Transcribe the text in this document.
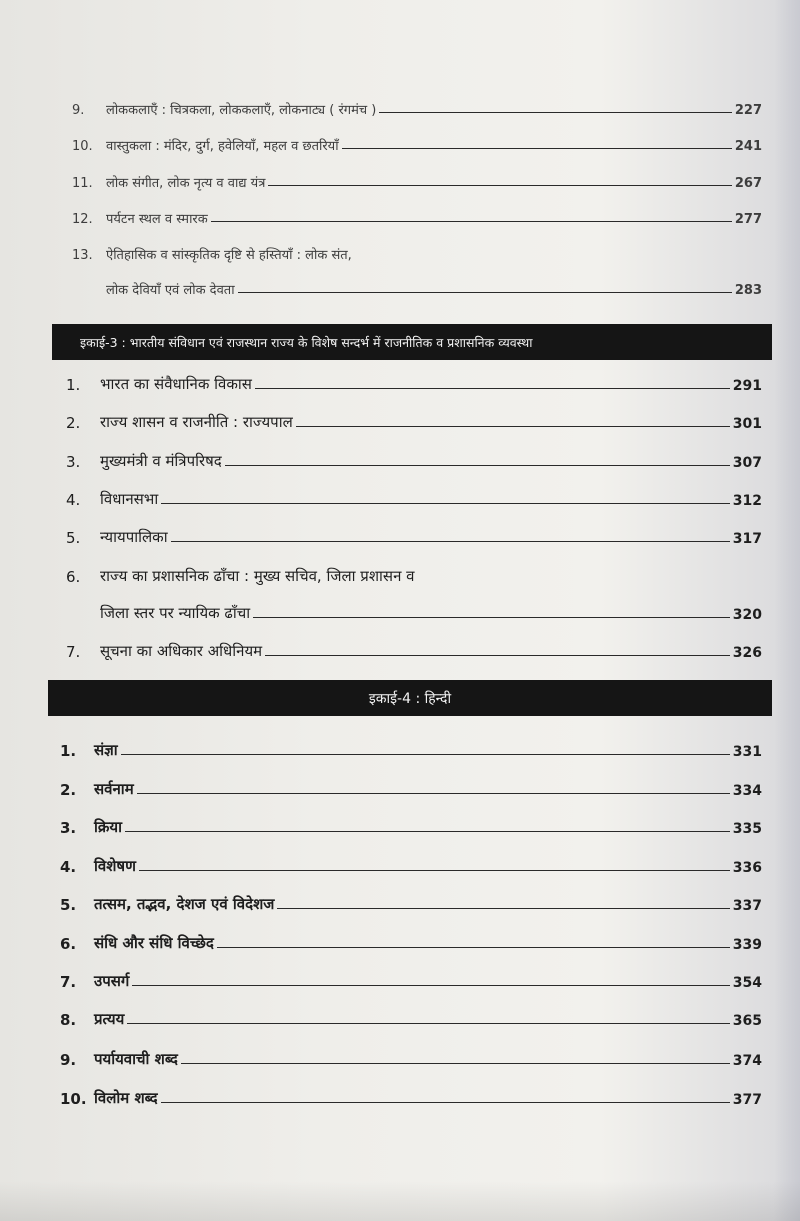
9.	लोककलाएँ : चित्रकला, लोककलाएँ, लोकनाट्य ( रंगमंच )	227
10.	वास्तुकला : मंदिर, दुर्ग, हवेलियाँ, महल व छतरियाँ	241
11.	लोक संगीत, लोक नृत्य व वाद्य यंत्र	267
12.	पर्यटन स्थल व स्मारक	277
13.	ऐतिहासिक व सांस्कृतिक दृष्टि से हस्तियाँ : लोक संत,
लोक देवियाँ एवं लोक देवता	283
इकाई-3 : भारतीय संविधान एवं राजस्थान राज्य के विशेष सन्दर्भ में राजनीतिक व प्रशासनिक व्यवस्था
1.	भारत का संवैधानिक विकास	291
2.	राज्य शासन व राजनीति : राज्यपाल	301
3.	मुख्यमंत्री व मंत्रिपरिषद	307
4.	विधानसभा	312
5.	न्यायपालिका	317
6.	राज्य का प्रशासनिक ढाँचा : मुख्य सचिव, जिला प्रशासन व
जिला स्तर पर न्यायिक ढाँचा	320
7.	सूचना का अधिकार अधिनियम	326
इकाई-4 : हिन्दी
1.	संज्ञा	331
2.	सर्वनाम	334
3.	क्रिया	335
4.	विशेषण	336
5.	तत्सम, तद्भव, देशज एवं विदेशज	337
6.	संधि और संधि विच्छेद	339
7.	उपसर्ग	354
8.	प्रत्यय	365
9.	पर्यायवाची शब्द	374
10. विलोम शब्द	377
